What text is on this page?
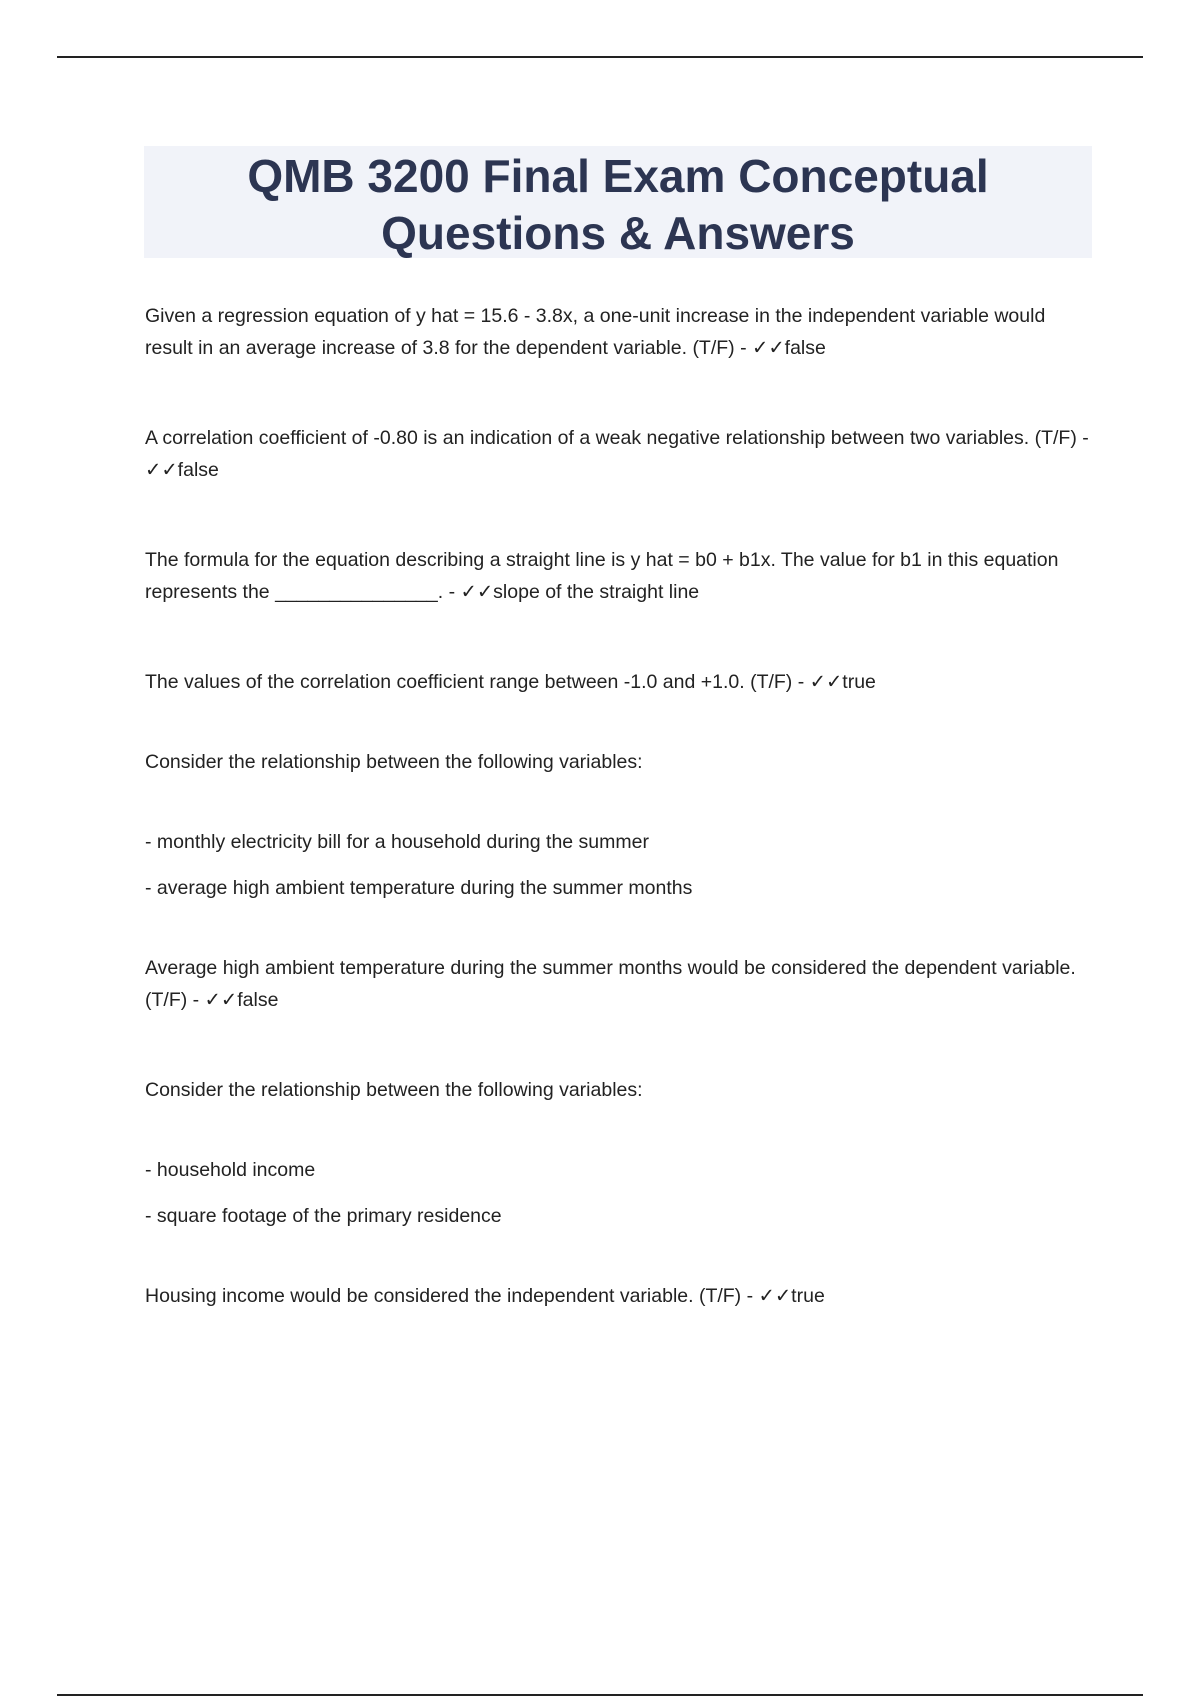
QMB 3200 Final Exam Conceptual Questions & Answers

Given a regression equation of y hat = 15.6 - 3.8x, a one-unit increase in the independent variable would result in an average increase of 3.8 for the dependent variable. (T/F) - ✓✓false

A correlation coefficient of -0.80 is an indication of a weak negative relationship between two variables. (T/F) - ✓✓false

The formula for the equation describing a straight line is y hat = b0 + b1x. The value for b1 in this equation represents the _______________. - ✓✓slope of the straight line

The values of the correlation coefficient range between -1.0 and +1.0. (T/F) - ✓✓true

Consider the relationship between the following variables:

- monthly electricity bill for a household during the summer

- average high ambient temperature during the summer months

Average high ambient temperature during the summer months would be considered the dependent variable. (T/F) - ✓✓false

Consider the relationship between the following variables:

- household income

- square footage of the primary residence

Housing income would be considered the independent variable. (T/F) - ✓✓true
